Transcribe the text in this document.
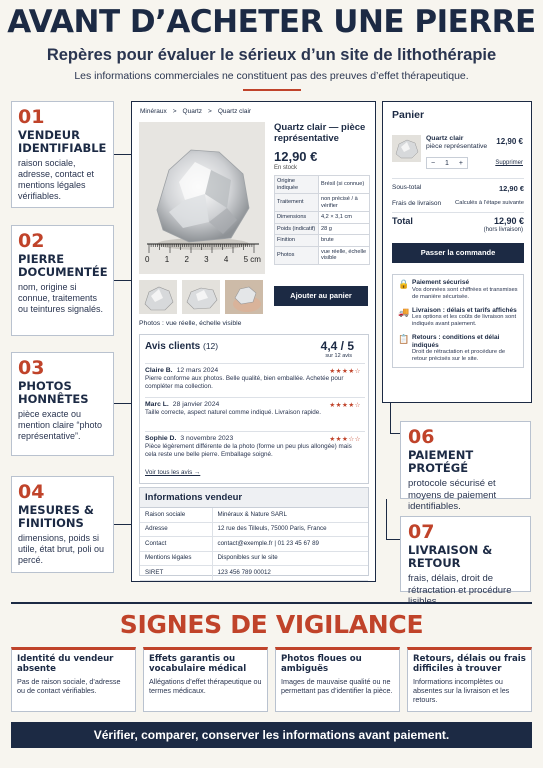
AVANT D’ACHETER UNE PIERRE
Repères pour évaluer le sérieux d’un site de lithothérapie
Les informations commerciales ne constituent pas des preuves d’effet thérapeutique.
01
VENDEUR IDENTIFIABLE
raison sociale, adresse, contact et mentions légales vérifiables.
02
PIERRE DOCUMENTÉE
nom, origine si connue, traitements ou teintures signalés.
03
PHOTOS HONNÊTES
pièce exacte ou mention claire “photo représentative”.
04
MESURES & FINITIONS
dimensions, poids si utile, état brut, poli ou percé.
06
PAIEMENT PROTÉGÉ
protocole sécurisé et moyens de paiement identifiables.
07
LIVRAISON & RETOUR
frais, délais, droit de rétractation et procédure
Minéraux > Quartz > Quartz clair
0 1 2 3 4 5 cm
Photos : vue réelle, échelle visible
Quartz clair — pièce représentative
12,90 €
En stock
Origine indiquée	Brésil (si connue)
Traitement	non précisé / à vérifier
Dimensions	4,2 × 3,1 cm
Poids (indicatif)	28 g
Finition	brute
Photos	vue réelle, échelle visible
Ajouter au panier
Avis clients (12)	4,4 / 5
sur 12 avis
Claire B. 12 mars 2024	★★★★☆
Pierre conforme aux photos. Belle qualité, bien emballée. Achetée pour compléter ma collection.
Marc L. 28 janvier 2024	★★★★☆
Taille correcte, aspect naturel comme indiqué. Livraison rapide.
Sophie D. 3 novembre 2023	★★★☆☆
Pièce légèrement différente de la photo (forme un peu plus allongée) mais cela reste une belle pierre. Emballage soigné.
Voir tous les avis →
Informations vendeur
Raison sociale	Minéraux & Nature SARL
Adresse	12 rue des Tilleuls, 75000 Paris, France
Contact	contact@exemple.fr | 01 23 45 67 89
Mentions légales	Disponibles sur le site
SIRET	123 456 789 00012
Panier
Quartz clair
pièce représentative 12,90 €
− 1 +	Supprimer
Sous-total	12,90 €
Frais de livraison Calculés à l’étape suivante
Total	12,90 €
(hors livraison)
Passer la commande
🔒 Paiement sécurisé
Vos données sont chiffrées et transmises de manière sécurisée.
🚚 Livraison : délais et tarifs affichés
Les options et les coûts de livraison sont indiqués avant paiement.
📋 Retours : conditions et délai indiqués
Droit de rétractation et procédure de retour précisés sur le site.
SIGNES DE VIGILANCE
Identité du vendeur absente
Pas de raison sociale, d’adresse ou de contact vérifiables.
Effets garantis ou vocabulaire médical
Allégations d’effet thérapeutique ou termes médicaux.
Photos floues ou ambiguës
Images de mauvaise qualité ou ne permettant pas d’identifier la pièce.
Retours, délais ou frais difficiles à trouver
Informations incomplètes ou absentes sur la livraison et les retours.
Vérifier, comparer, conserver les informations avant paiement.
